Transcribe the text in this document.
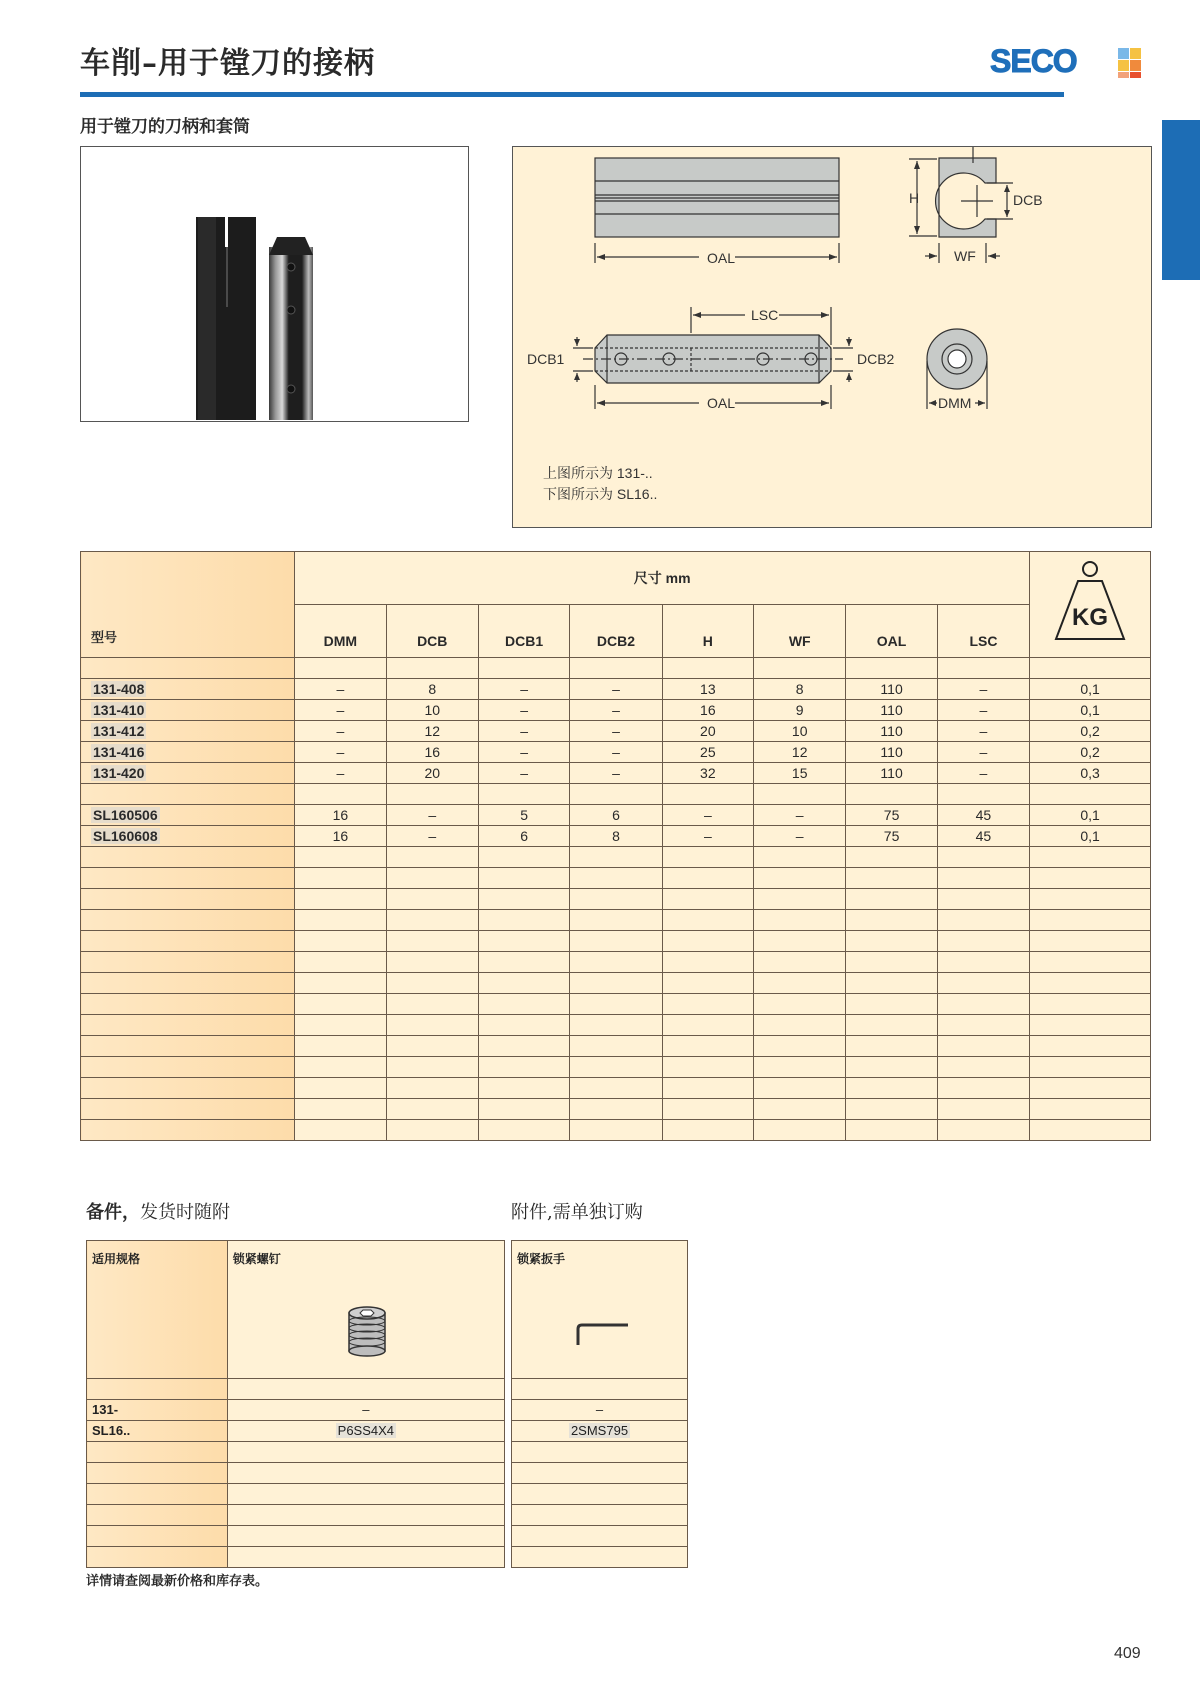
车削–用于镗刀的接柄	SECO
用于镗刀的刀柄和套筒
OAL
H	DCB
WF
LSC
DCB1	DCB2
OAL	DMM
上图所示为 131-..
下图所示为 SL16..
型号	尺寸 mm								KG

	DMM	DCB	DCB1	DCB2	H	WF	OAL	LSC	

131-408	–	8	–	–	13	8	110	–	0,1
131-410	–	10	–	–	16	9	110	–	0,1
131-412	–	12	–	–	20	10	110	–	0,2
131-416	–	16	–	–	25	12	110	–	0,2
131-420	–	20	–	–	32	15	110	–	0,3

SL160506	16	–	5	6	–	–	75	45	0,1
SL160608	16	–	6	8	–	–	75	45	0,1

备件，发货时随附	附件,需单独订购
适用规格	锁紧螺钉

131-	–
SL16..	P6SS4X4

锁紧扳手

–
2SMS795

详情请查阅最新价格和库存表。
409
